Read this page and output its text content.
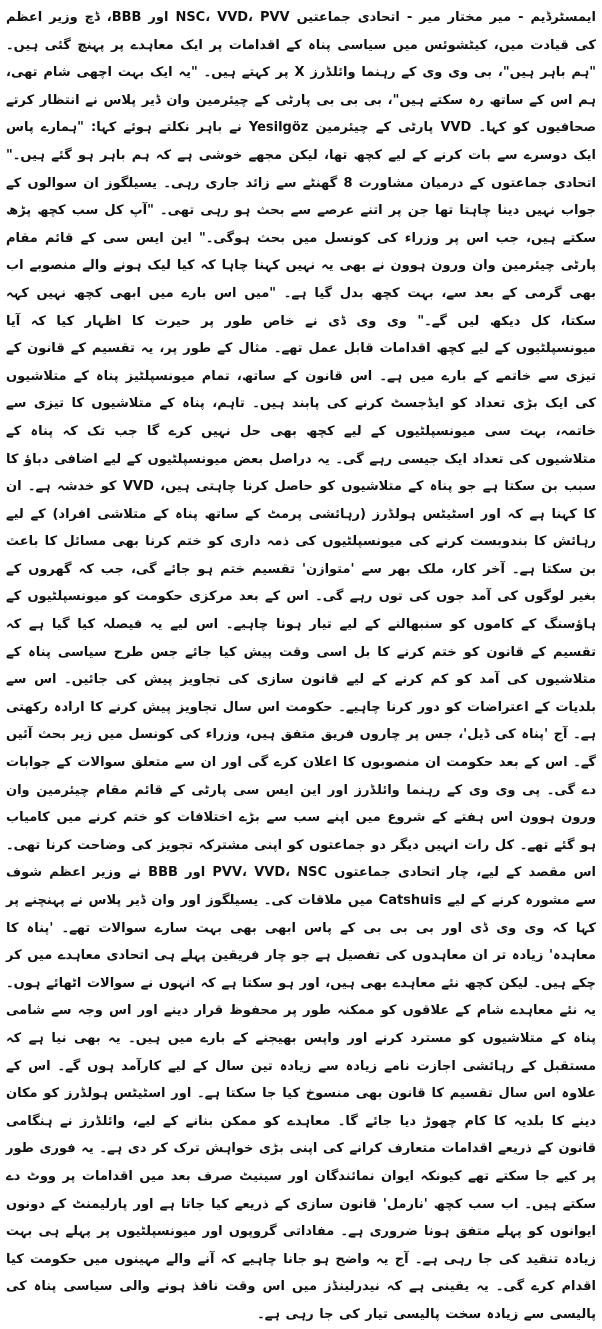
ایمسٹرڈیم - میر مختار میر - اتحادی جماعتیں NSC، VVD، PVV اور BBB، ڈچ وزیر اعظم کی قیادت میں، کیٹشوئس میں سیاسی پناہ کے اقدامات پر ایک معاہدے پر پہنچ گئی ہیں۔ "ہم باہر ہیں"، بی وی وی کے رہنما وائلڈرز X پر کہتے ہیں۔ "یہ ایک بہت اچھی شام تھی، ہم اس کے ساتھ رہ سکتے ہیں"، بی بی بی پارٹی کے چیئرمین وان ڈیر پلاس نے انتظار کرتے صحافیوں کو کہا۔ VVD پارٹی کے چیئرمین Yesilgöz نے باہر نکلتے ہوئے کہا: "ہمارے پاس ایک دوسرے سے بات کرنے کے لیے کچھ تھا، لیکن مجھے خوشی ہے کہ ہم باہر ہو گئے ہیں۔" اتحادی جماعتوں کے درمیان مشاورت 8 گھنٹے سے زائد جاری رہی۔ یسیلگوز ان سوالوں کے جواب نہیں دینا چاہتا تھا جن پر اتنے عرصے سے بحث ہو رہی تھی۔ "آپ کل سب کچھ پڑھ سکتے ہیں، جب اس پر وزراء کی کونسل میں بحث ہوگی۔" این ایس سی کے قائم مقام پارٹی چیئرمین وان ورون ہوون نے بھی یہ نہیں کہنا چاہا کہ کیا لیک ہونے والے منصوبے اب بھی گرمی کے بعد سے، بہت کچھ بدل گیا ہے۔ "میں اس بارے میں ابھی کچھ نہیں کہہ سکتا، کل دیکھ لیں گے۔" وی وی ڈی نے خاص طور پر حیرت کا اظہار کیا کہ آیا میونسپلٹیوں کے لیے کچھ اقدامات قابل عمل تھے۔ مثال کے طور پر، یہ تقسیم کے قانون کے تیزی سے خاتمے کے بارے میں ہے۔ اس قانون کے ساتھ، تمام میونسپلٹیز پناہ کے متلاشیوں کی ایک بڑی تعداد کو ایڈجسٹ کرنے کی پابند ہیں۔ تاہم، پناہ کے متلاشیوں کا تیزی سے خاتمہ، بہت سی میونسپلٹیوں کے لیے کچھ بھی حل نہیں کرے گا جب تک کہ پناہ کے متلاشیوں کی تعداد ایک جیسی رہے گی۔ یہ دراصل بعض میونسپلٹیوں کے لیے اضافی دباؤ کا سبب بن سکتا ہے جو پناہ کے متلاشیوں کو حاصل کرنا چاہتی ہیں، VVD کو خدشہ ہے۔ ان کا کہنا ہے کہ اور اسٹیٹس ہولڈرز (رہائشی پرمٹ کے ساتھ پناہ کے متلاشی افراد) کے لیے رہائش کا بندوبست کرنے کی میونسپلٹیوں کی ذمہ داری کو ختم کرنا بھی مسائل کا باعث بن سکتا ہے۔ آخر کار، ملک بھر سے 'متوازن' تقسیم ختم ہو جائے گی، جب کہ گھروں کے بغیر لوگوں کی آمد جوں کی توں رہے گی۔ اس کے بعد مرکزی حکومت کو میونسپلٹیوں کے ہاؤسنگ کے کاموں کو سنبھالنے کے لیے تیار ہونا چاہیے۔ اس لیے یہ فیصلہ کیا گیا ہے کہ تقسیم کے قانون کو ختم کرنے کا بل اسی وقت پیش کیا جائے جس طرح سیاسی پناہ کے متلاشیوں کی آمد کو کم کرنے کے لیے قانون سازی کی تجاویز پیش کی جائیں۔ اس سے بلدیات کے اعتراضات کو دور کرنا چاہیے۔ حکومت اس سال تجاویز پیش کرنے کا ارادہ رکھتی ہے۔ آج 'پناہ کی ڈیل'، جس پر چاروں فریق متفق ہیں، وزراء کی کونسل میں زیر بحث آئیں گے۔ اس کے بعد حکومت ان منصوبوں کا اعلان کرے گی اور ان سے متعلق سوالات کے جوابات دے گی۔ پی وی وی کے رہنما وائلڈرز اور این ایس سی پارٹی کے قائم مقام چیئرمین وان ورون ہوون اس ہفتے کے شروع میں اپنے سب سے بڑے اختلافات کو ختم کرنے میں کامیاب ہو گئے تھے۔ کل رات انہیں دیگر دو جماعتوں کو اپنی مشترکہ تجویز کی وضاحت کرنا تھی۔ اس مقصد کے لیے، چار اتحادی جماعتوں PVV، VVD، NSC اور BBB نے وزیر اعظم شوف سے مشورہ کرنے کے لیے Catshuis میں ملاقات کی۔ یسیلگوز اور وان ڈیر پلاس نے پہنچنے پر کہا کہ وی وی ڈی اور بی بی بی کے پاس ابھی بھی بہت سارے سوالات تھے۔ 'پناہ کا معاہدہ' زیادہ تر ان معاہدوں کی تفصیل ہے جو چار فریقین پہلے ہی اتحادی معاہدے میں کر چکے ہیں۔ لیکن کچھ نئے معاہدے بھی ہیں، اور ہو سکتا ہے کہ انہوں نے سوالات اٹھائے ہوں۔ یہ نئے معاہدے شام کے علاقوں کو ممکنہ طور پر محفوظ قرار دینے اور اس وجہ سے شامی پناہ کے متلاشیوں کو مسترد کرنے اور واپس بھیجنے کے بارے میں ہیں۔ یہ بھی نیا ہے کہ مستقبل کے رہائشی اجازت نامے زیادہ سے زیادہ تین سال کے لیے کارآمد ہوں گے۔ اس کے علاوہ اس سال تقسیم کا قانون بھی منسوخ کیا جا سکتا ہے۔ اور اسٹیٹس ہولڈرز کو مکان دینے کا بلدیہ کا کام چھوڑ دیا جائے گا۔ معاہدے کو ممکن بنانے کے لیے، وائلڈرز نے ہنگامی قانون کے ذریعے اقدامات متعارف کرانے کی اپنی بڑی خواہش ترک کر دی ہے۔ یہ فوری طور پر کیے جا سکتے تھے کیونکہ ایوان نمائندگان اور سینیٹ صرف بعد میں اقدامات پر ووٹ دے سکتے ہیں۔ اب سب کچھ 'نارمل' قانون سازی کے ذریعے کیا جاتا ہے اور پارلیمنٹ کے دونوں ایوانوں کو پہلے متفق ہونا ضروری ہے۔ مفاداتی گروپوں اور میونسپلٹیوں پر پہلے ہی بہت زیادہ تنقید کی جا رہی ہے۔ آج یہ واضح ہو جانا چاہیے کہ آنے والے مہینوں میں حکومت کیا اقدام کرے گی۔ یہ یقینی ہے کہ نیدرلینڈز میں اس وقت نافذ ہونے والی سیاسی پناہ کی پالیسی سے زیادہ سخت پالیسی تیار کی جا رہی ہے۔
